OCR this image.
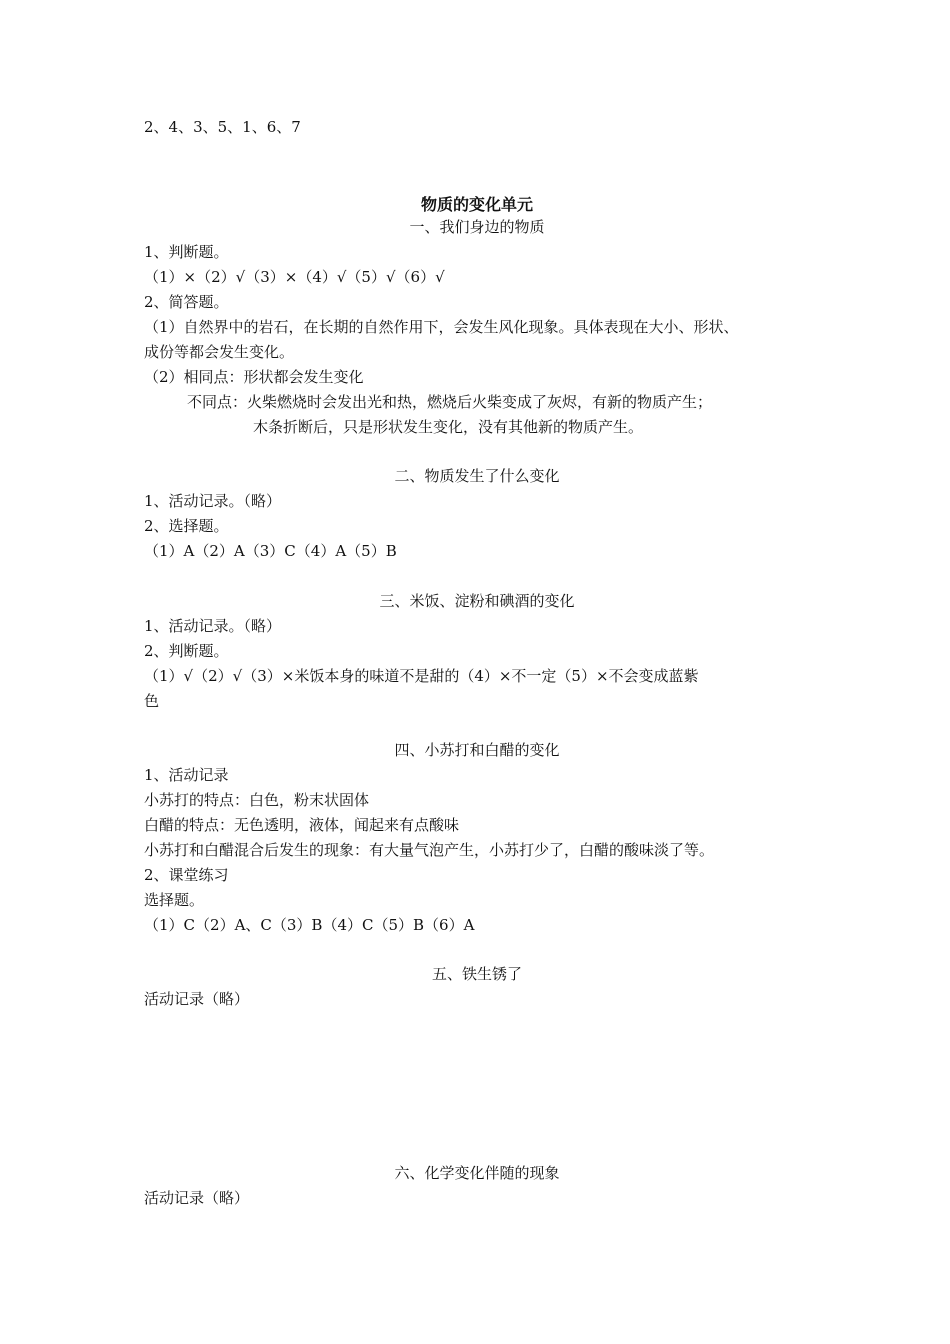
2、4、3、5、1、6、7
物质的变化单元
一、我们身边的物质
1、判断题。
（1）×（2）√（3）×（4）√（5）√（6）√
2、简答题。
（1）自然界中的岩石，在长期的自然作用下，会发生风化现象。具体表现在大小、形状、
成份等都会发生变化。
（2）相同点：形状都会发生变化
不同点：火柴燃烧时会发出光和热，燃烧后火柴变成了灰烬，有新的物质产生；
木条折断后，只是形状发生变化，没有其他新的物质产生。
二、物质发生了什么变化
1、活动记录。（略）
2、选择题。
（1）A（2）A（3）C（4）A（5）B
三、米饭、淀粉和碘酒的变化
1、活动记录。（略）
2、判断题。
（1）√（2）√（3）×米饭本身的味道不是甜的（4）×不一定（5）×不会变成蓝紫
色
四、小苏打和白醋的变化
1、活动记录
小苏打的特点：白色，粉末状固体
白醋的特点：无色透明，液体，闻起来有点酸味
小苏打和白醋混合后发生的现象：有大量气泡产生，小苏打少了，白醋的酸味淡了等。
2、课堂练习
选择题。
（1）C（2）A、C（3）B（4）C（5）B（6）A
五、铁生锈了
活动记录（略）
六、化学变化伴随的现象
活动记录（略）
